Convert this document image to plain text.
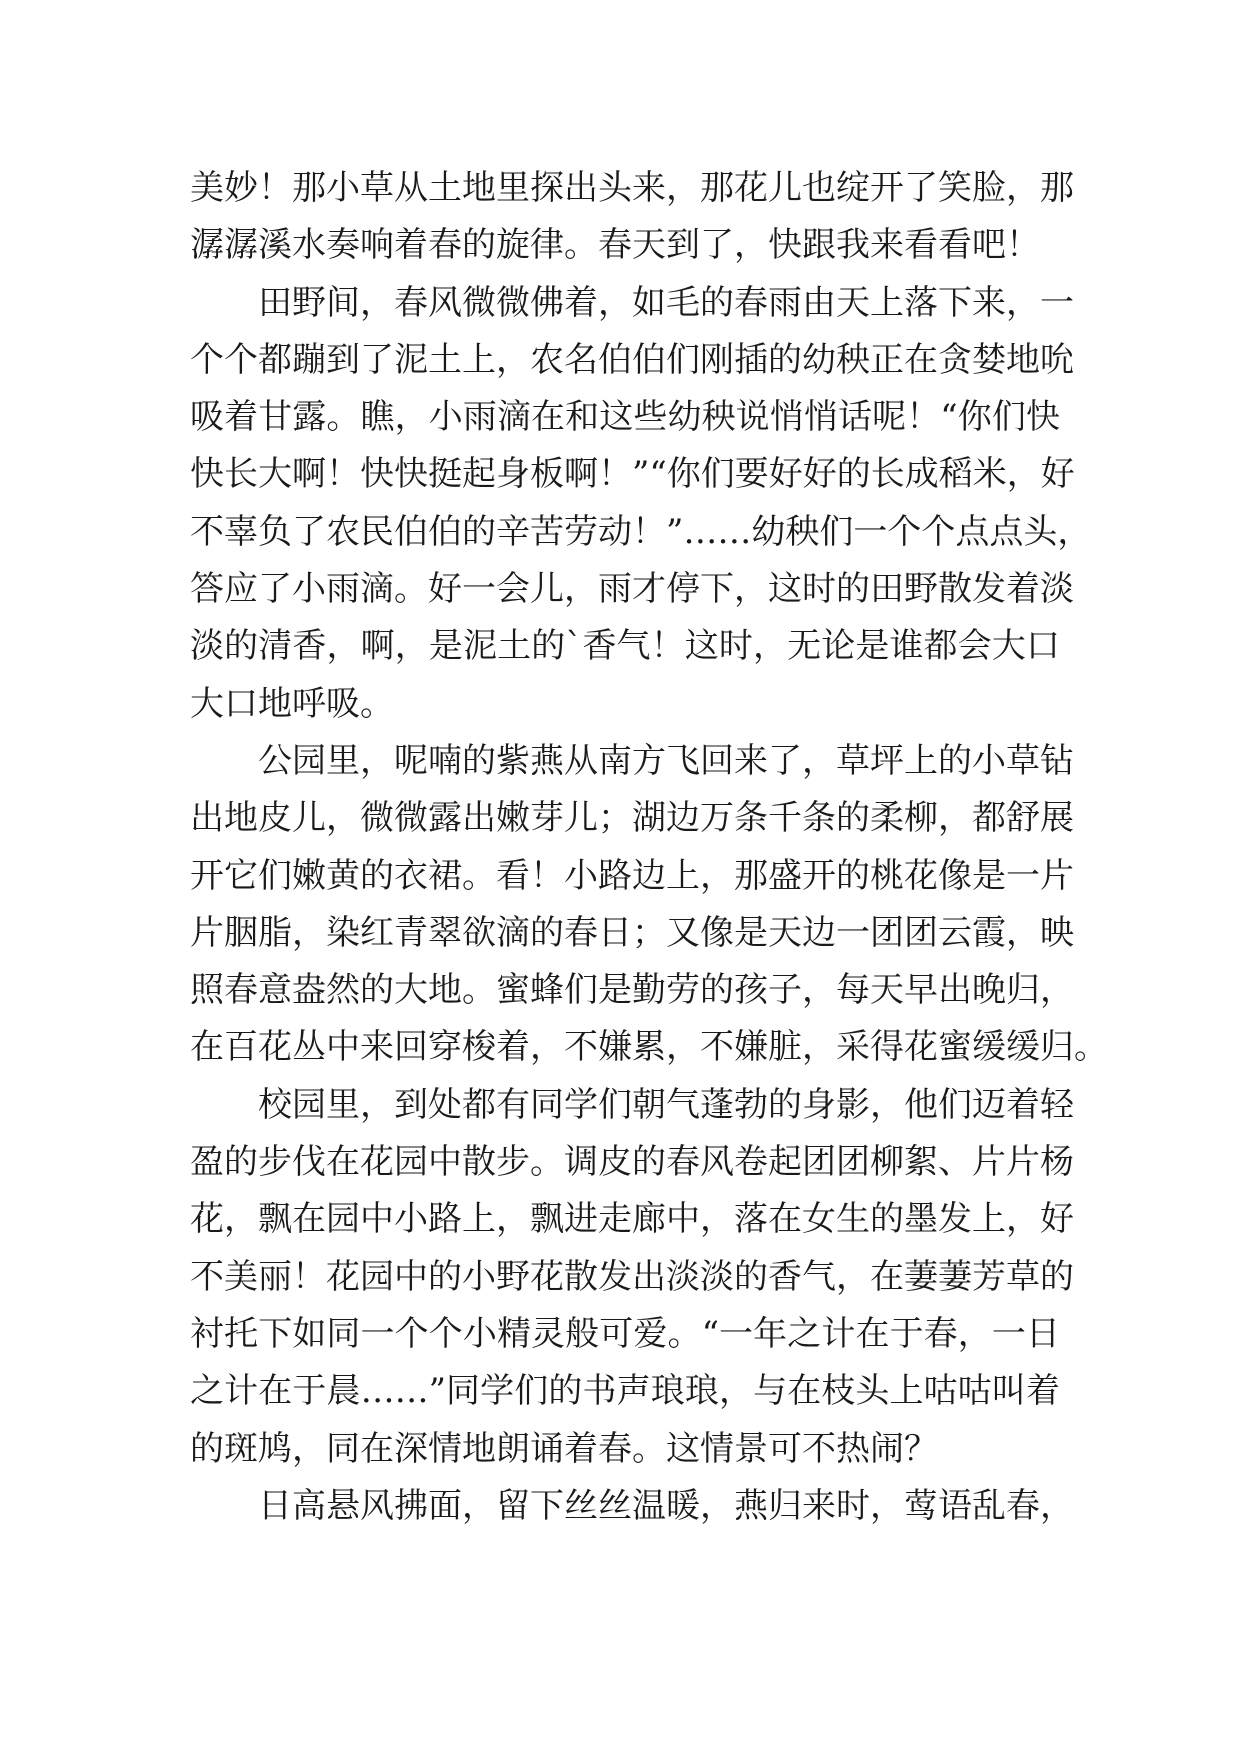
美妙！那小草从土地里探出头来，那花儿也绽开了笑脸，那
潺潺溪水奏响着春的旋律。春天到了，快跟我来看看吧！
田野间，春风微微佛着，如毛的春雨由天上落下来，一
个个都蹦到了泥土上，农名伯伯们刚插的幼秧正在贪婪地吮
吸着甘露。瞧，小雨滴在和这些幼秧说悄悄话呢！“你们快
快长大啊！快快挺起身板啊！”“你们要好好的长成稻米，好
不辜负了农民伯伯的辛苦劳动！”……幼秧们一个个点点头，
答应了小雨滴。好一会儿，雨才停下，这时的田野散发着淡
淡的清香，啊，是泥土的`香气！这时，无论是谁都会大口
大口地呼吸。
公园里，呢喃的紫燕从南方飞回来了，草坪上的小草钻
出地皮儿，微微露出嫩芽儿；湖边万条千条的柔柳，都舒展
开它们嫩黄的衣裙。看！小路边上，那盛开的桃花像是一片
片胭脂，染红青翠欲滴的春日；又像是天边一团团云霞，映
照春意盎然的大地。蜜蜂们是勤劳的孩子，每天早出晚归，
在百花丛中来回穿梭着，不嫌累，不嫌脏，采得花蜜缓缓归。
校园里，到处都有同学们朝气蓬勃的身影，他们迈着轻
盈的步伐在花园中散步。调皮的春风卷起团团柳絮、片片杨
花，飘在园中小路上，飘进走廊中，落在女生的墨发上，好
不美丽！花园中的小野花散发出淡淡的香气，在萋萋芳草的
衬托下如同一个个小精灵般可爱。“一年之计在于春，一日
之计在于晨……”同学们的书声琅琅，与在枝头上咕咕叫着
的斑鸠，同在深情地朗诵着春。这情景可不热闹？
日高悬风拂面，留下丝丝温暖，燕归来时，莺语乱春，
